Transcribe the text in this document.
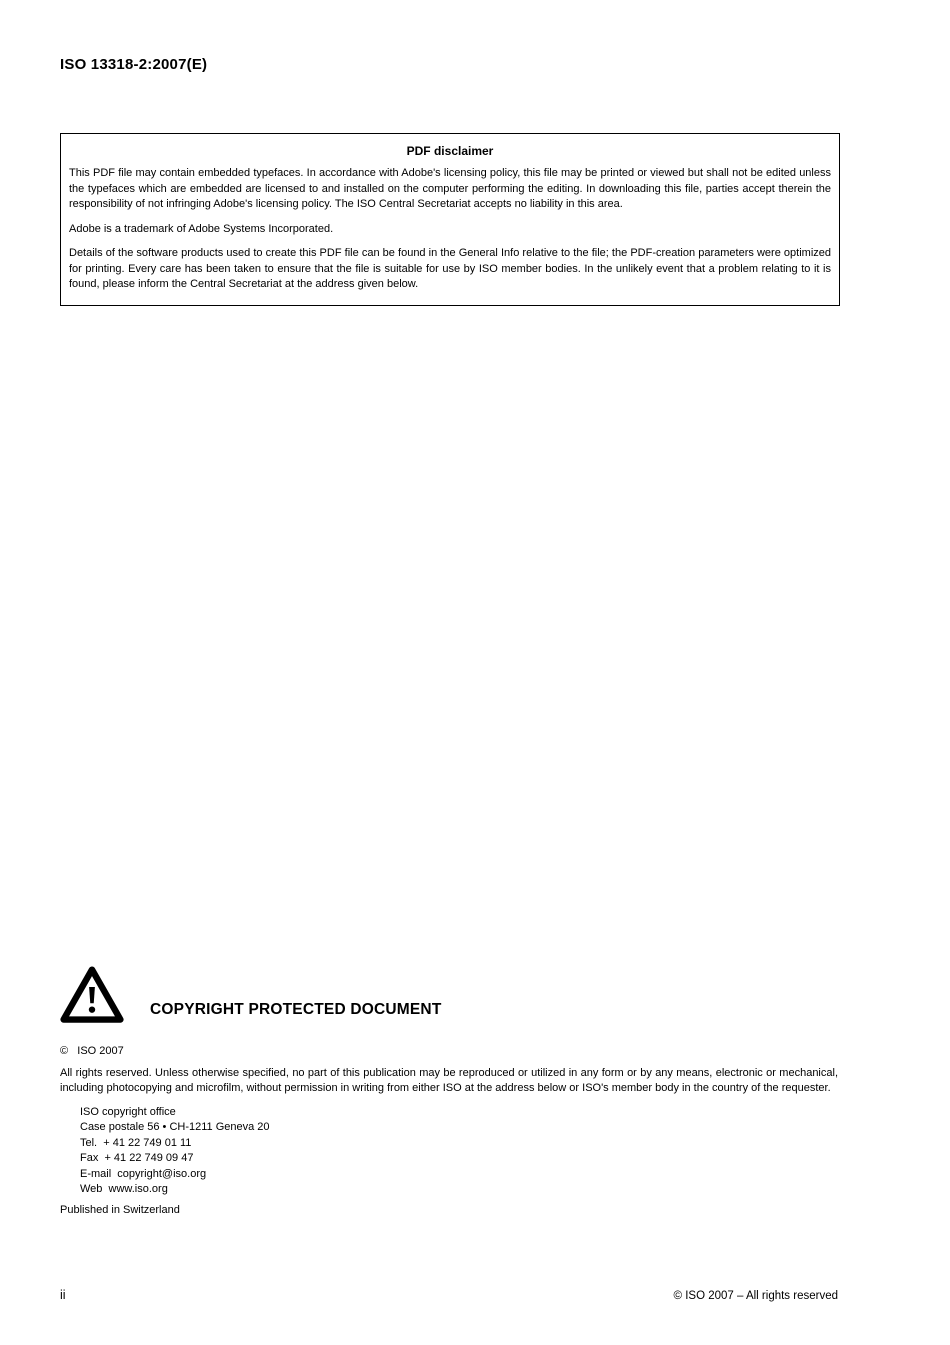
ISO 13318-2:2007(E)
PDF disclaimer

This PDF file may contain embedded typefaces. In accordance with Adobe's licensing policy, this file may be printed or viewed but shall not be edited unless the typefaces which are embedded are licensed to and installed on the computer performing the editing. In downloading this file, parties accept therein the responsibility of not infringing Adobe's licensing policy. The ISO Central Secretariat accepts no liability in this area.

Adobe is a trademark of Adobe Systems Incorporated.

Details of the software products used to create this PDF file can be found in the General Info relative to the file; the PDF-creation parameters were optimized for printing. Every care has been taken to ensure that the file is suitable for use by ISO member bodies. In the unlikely event that a problem relating to it is found, please inform the Central Secretariat at the address given below.

COPYRIGHT PROTECTED DOCUMENT

©   ISO 2007

All rights reserved. Unless otherwise specified, no part of this publication may be reproduced or utilized in any form or by any means, electronic or mechanical, including photocopying and microfilm, without permission in writing from either ISO at the address below or ISO's member body in the country of the requester.

ISO copyright office
Case postale 56 • CH-1211 Geneva 20
Tel.  + 41 22 749 01 11
Fax  + 41 22 749 09 47
E-mail  copyright@iso.org
Web  www.iso.org
Published in Switzerland
ii	© ISO 2007 – All rights reserved
